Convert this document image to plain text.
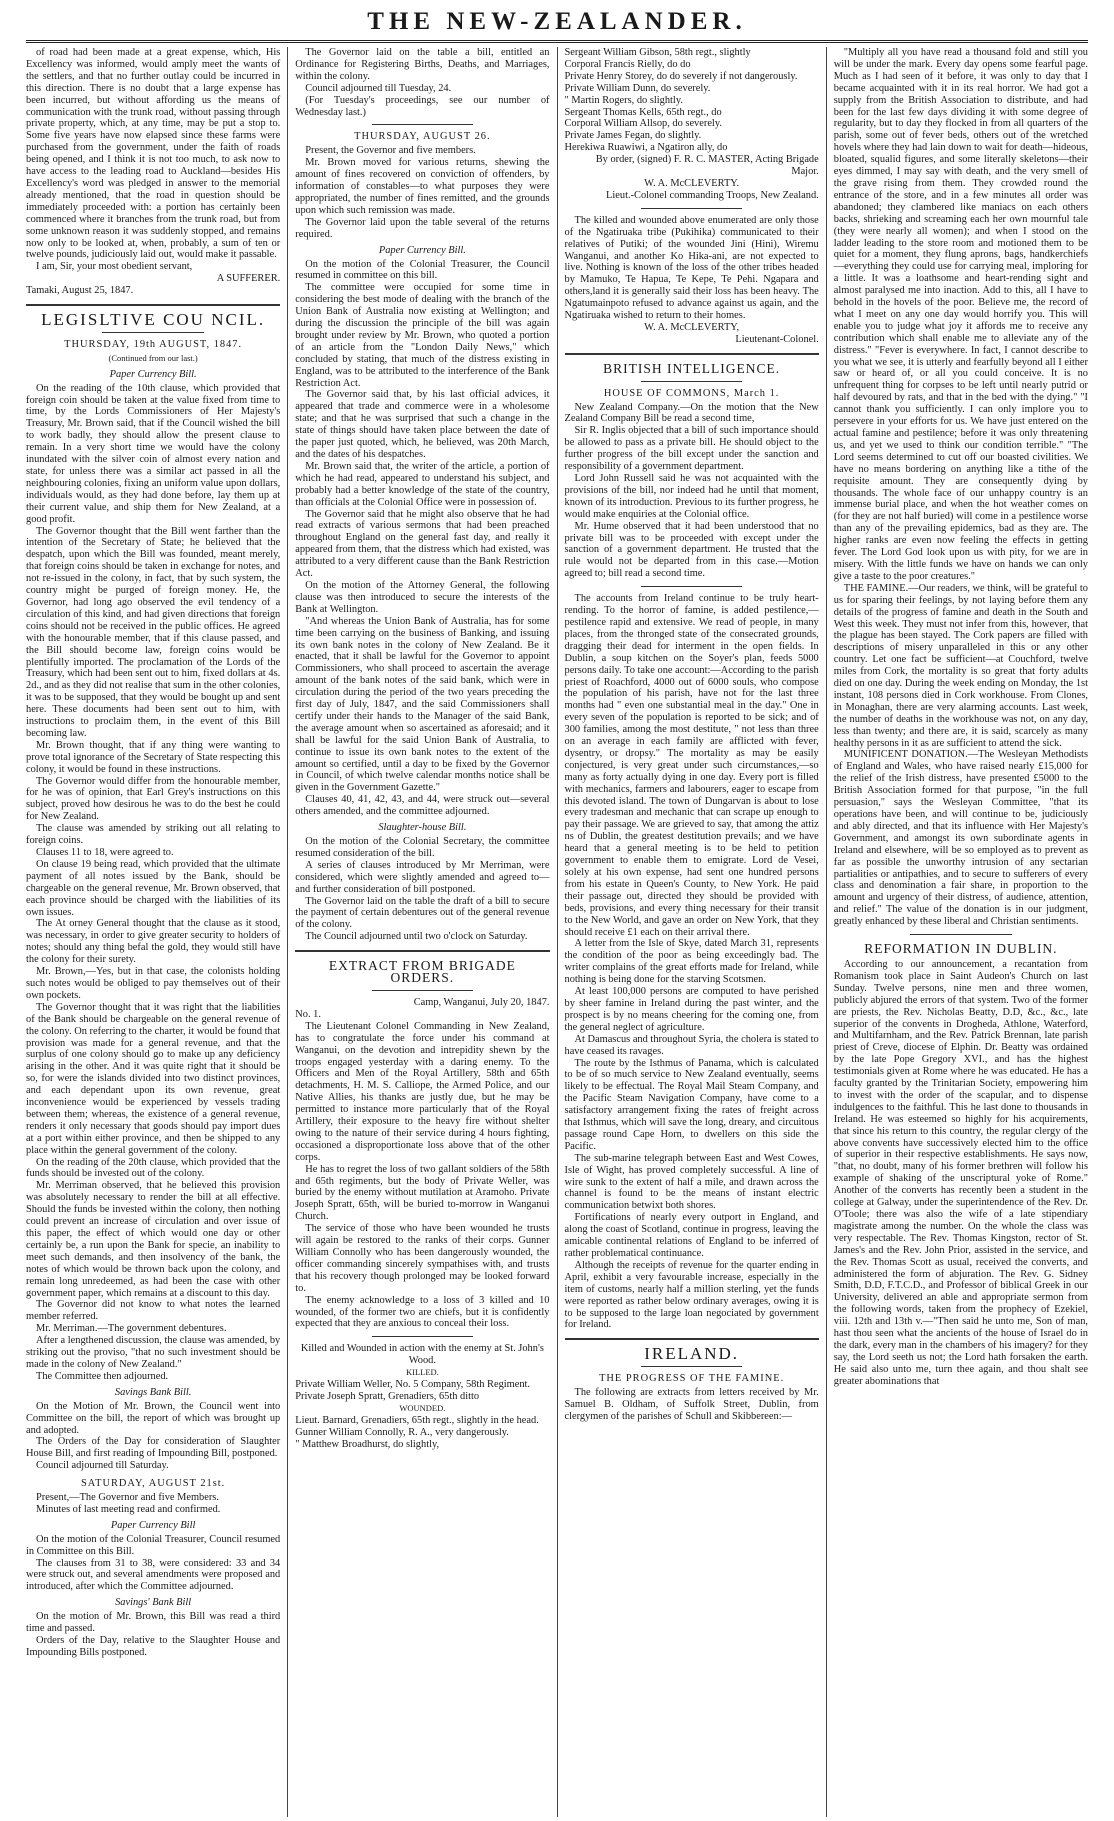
THE NEW-ZEALANDER.

of road had been made at a great expense, which, His Excellency was informed, would amply meet the wants of the settlers, and that no further outlay could be incurred in this direction. There is no doubt that a large expense has been incurred, but without affording us the means of communication with the trunk road, without passing through private property, which, at any time, may be put a stop to. Some five years have now elapsed since these farms were purchased from the government, under the faith of roads being opened, and I think it is not too much, to ask now to have access to the leading road to Auckland—besides His Excellency's word was pledged in answer to the memorial already mentioned, that the road in question should be immediately proceeded with: a portion has certainly been commenced where it branches from the trunk road, but from some unknown reason it was suddenly stopped, and remains now only to be looked at, when, probably, a sum of ten or twelve pounds, judiciously laid out, would make it passable.

I am, Sir, your most obedient servant,

A SUFFERER.

Tamaki, August 25, 1847.

LEGISLTIVE COU NCIL.
THURSDAY, 19th AUGUST, 1847.
(Continued from our last.)
Paper Currency Bill.

On the reading of the 10th clause, which provided that foreign coin should be taken at the value fixed from time to time, by the Lords Commissioners of Her Majesty's Treasury, Mr. Brown said, that if the Council wished the bill to work badly, they should allow the present clause to remain. In a very short time we would have the colony inundated with the silver coin of almost every nation and state, for unless there was a similar act passed in all the neighbouring colonies, fixing an uniform value upon dollars, individuals would, as they had done before, lay them up at their current value, and ship them for New Zealand, at a good profit.

The Governor thought that the Bill went farther than the intention of the Secretary of State; he believed that the despatch, upon which the Bill was founded, meant merely, that foreign coins should be taken in exchange for notes, and not re-issued in the colony, in fact, that by such system, the country might be purged of foreign money. He, the Governor, had long ago observed the evil tendency of a circulation of this kind, and had given directions that foreign coins should not be received in the public offices. He agreed with the honourable member, that if this clause passed, and the Bill should become law, foreign coins would be plentifully imported. The proclamation of the Lords of the Treasury, which had been sent out to him, fixed dollars at 4s. 2d., and as they did not realise that sum in the other colonies, it was to be supposed, that they would be bought up and sent here. These documents had been sent out to him, with instructions to proclaim them, in the event of this Bill becoming law.

Mr. Brown thought, that if any thing were wanting to prove total ignorance of the Secretary of State respecting this colony, it would be found in these instructions.

The Governor would differ from the honourable member, for he was of opinion, that Earl Grey's instructions on this subject, proved how desirous he was to do the best he could for New Zealand.

The clause was amended by striking out all relating to foreign coins.

Clauses 11 to 18, were agreed to.

On clause 19 being read, which provided that the ultimate payment of all notes issued by the Bank, should be chargeable on the general revenue, Mr. Brown observed, that each province should be charged with the liabilities of its own issues.

The At orney General thought that the clause as it stood, was necessary, in order to give greater security to holders of notes; should any thing befal the gold, they would still have the colony for their surety.

Mr. Brown,—Yes, but in that case, the colonists holding such notes would be obliged to pay themselves out of their own pockets.

The Governor thought that it was right that the liabilities of the Bank should be chargeable on the general revenue of the colony. On referring to the charter, it would be found that provision was made for a general revenue, and that the surplus of one colony should go to make up any deficiency arising in the other. And it was quite right that it should be so, for were the islands divided into two distinct provinces, and each dependant upon its own revenue, great inconvenience would be experienced by vessels trading between them; whereas, the existence of a general revenue, renders it only necessary that goods should pay import dues at a port within either province, and then be shipped to any place within the general government of the colony.

On the reading of the 20th clause, which provided that the funds should be invested out of the colony.

Mr. Merriman observed, that he believed this provision was absolutely necessary to render the bill at all effective. Should the funds be invested within the colony, then nothing could prevent an increase of circulation and over issue of this paper, the effect of which would one day or other certainly be, a run upon the Bank for specie, an inability to meet such demands, and then insolvency of the bank, the notes of which would be thrown back upon the colony, and remain long unredeemed, as had been the case with other government paper, which remains at a discount to this day.

The Governor did not know to what notes the learned member referred.

Mr. Merriman.—The government debentures.

After a lengthened discussion, the clause was amended, by striking out the proviso, "that no such investment should be made in the colony of New Zealand."

The Committee then adjourned.

Savings Bank Bill.

On the Motion of Mr. Brown, the Council went into Committee on the bill, the report of which was brought up and adopted.

The Orders of the Day for consideration of Slaughter House Bill, and first reading of Impounding Bill, postponed.

Council adjourned till Saturday.

SATURDAY, AUGUST 21st.

Present,—The Governor and five Members.

Minutes of last meeting read and confirmed.

Paper Currency Bill

On the motion of the Colonial Treasurer, Council resumed in Committee on this Bill.

The clauses from 31 to 38, were considered: 33 and 34 were struck out, and several amendments were proposed and introduced, after which the Committee adjourned.

Savings' Bank Bill

On the motion of Mr. Brown, this Bill was read a third time and passed.

Orders of the Day, relative to the Slaughter House and Impounding Bills postponed.

The Governor laid on the table a bill, entitled an Ordinance for Registering Births, Deaths, and Marriages, within the colony.

Council adjourned till Tuesday, 24.

(For Tuesday's proceedings, see our number of Wednesday last.)

THURSDAY, AUGUST 26.

Present, the Governor and five members.

Mr. Brown moved for various returns, shewing the amount of fines recovered on conviction of offenders, by information of constables—to what purposes they were appropriated, the number of fines remitted, and the grounds upon which such remission was made.

The Governor laid upon the table several of the returns required.

Paper Currency Bill.

On the motion of the Colonial Treasurer, the Council resumed in committee on this bill.

The committee were occupied for some time in considering the best mode of dealing with the branch of the Union Bank of Australia now existing at Wellington; and during the discussion the principle of the bill was again brought under review by Mr. Brown, who quoted a portion of an article from the "London Daily News," which concluded by stating, that much of the distress existing in England, was to be attributed to the interference of the Bank Restriction Act.

The Governor said that, by his last official advices, it appeared that trade and commerce were in a wholesome state; and that he was surprised that such a change in the state of things should have taken place between the date of the paper just quoted, which, he believed, was 20th March, and the dates of his despatches.

Mr. Brown said that, the writer of the article, a portion of which he had read, appeared to understand his subject, and probably had a better knowledge of the state of the country, than officials at the Colonial Office were in possession of.

The Governor said that he might also observe that he had read extracts of various sermons that had been preached throughout England on the general fast day, and really it appeared from them, that the distress which had existed, was attributed to a very different cause than the Bank Restriction Act.

On the motion of the Attorney General, the following clause was then introduced to secure the interests of the Bank at Wellington.

"And whereas the Union Bank of Australia, has for some time been carrying on the business of Banking, and issuing its own bank notes in the colony of New Zealand. Be it enacted, that it shall be lawful for the Governor to appoint Commissioners, who shall proceed to ascertain the average amount of the bank notes of the said bank, which were in circulation during the period of the two years preceding the first day of July, 1847, and the said Commissioners shall certify under their hands to the Manager of the said Bank, the average amount when so ascertained as aforesaid; and it shall be lawful for the said Union Bank of Australia, to continue to issue its own bank notes to the extent of the amount so certified, until a day to be fixed by the Governor in Council, of which twelve calendar months notice shall be given in the Government Gazette."

Clauses 40, 41, 42, 43, and 44, were struck out—several others amended, and the committee adjourned.

Slaughter-house Bill.

On the motion of the Colonial Secretary, the committee resumed consideration of the bill.

A series of clauses introduced by Mr Merriman, were considered, which were slightly amended and agreed to—and further consideration of bill postponed.

The Governor laid on the table the draft of a bill to secure the payment of certain debentures out of the general revenue of the colony.

The Council adjourned until two o'clock on Saturday.

EXTRACT FROM BRIGADE ORDERS.

Camp, Wanganui, July 20, 1847.

No. 1.

The Lieutenant Colonel Commanding in New Zealand, has to congratulate the force under his command at Wanganui, on the devotion and intrepidity shewn by the troops engaged yesterday with a daring enemy. To the Officers and Men of the Royal Artillery, 58th and 65th detachments, H. M. S. Calliope, the Armed Police, and our Native Allies, his thanks are justly due, but he may be permitted to instance more particularly that of the Royal Artillery, their exposure to the heavy fire without shelter owing to the nature of their service during 4 hours fighting, occasioned a disproportionate loss above that of the other corps.

He has to regret the loss of two gallant soldiers of the 58th and 65th regiments, but the body of Private Weller, was buried by the enemy without mutilation at Aramoho. Private Joseph Spratt, 65th, will be buried to-morrow in Wanganui Church.

The service of those who have been wounded he trusts will again be restored to the ranks of their corps. Gunner William Connolly who has been dangerously wounded, the officer commanding sincerely sympathises with, and trusts that his recovery though prolonged may be looked forward to.

The enemy acknowledge to a loss of 3 killed and 10 wounded, of the former two are chiefs, but it is confidently expected that they are anxious to conceal their loss.

Killed and Wounded in action with the enemy at St. John's Wood.

KILLED.

Private William Weller, No. 5 Company, 58th Regiment.

Private Joseph Spratt, Grenadiers, 65th ditto

WOUNDED.

Lieut. Barnard, Grenadiers, 65th regt., slightly in the head.

Gunner William Connolly, R. A., very dangerously.

" Matthew Broadhurst, do slightly,

Sergeant William Gibson, 58th regt., slightly

Corporal Francis Rielly, do do

Private Henry Storey, do do severely if not dangerously.

Private William Dunn, do severely.

" Martin Rogers, do slightly.

Sergeant Thomas Kells, 65th regt., do

Corporal William Allsop, do severely.

Private James Fegan, do slightly.

Herekiwa Ruawiwi, a Ngatiron ally, do

By order, (signed) F. R. C. MASTER, Acting Brigade Major.

W. A. McCLEVERTY.

Lieut.-Colonel commanding Troops, New Zealand.

The killed and wounded above enumerated are only those of the Ngatiruaka tribe (Pukihika) communicated to their relatives of Putiki; of the wounded Jini (Hini), Wiremu Wanganui, and another Ko Hika-ani, are not expected to live. Nothing is known of the loss of the other tribes headed by Mamuko, Te Hapua, Te Kepe, Te Pehi. Ngapara and others,land it is generally said their loss has been heavy. The Ngatumainpoto refused to advance against us again, and the Ngatiruaka wished to return to their homes.

W. A. McCLEVERTY,

Lieutenant-Colonel.

BRITISH INTELLIGENCE.
HOUSE OF COMMONS, March 1.

New Zealand Company.—On the motion that the New Zealand Company Bill be read a second time,

Sir R. Inglis objected that a bill of such importance should be allowed to pass as a private bill. He should object to the further progress of the bill except under the sanction and responsibility of a government department.

Lord John Russell said he was not acquainted with the provisions of the bill, nor indeed had he until that moment, known of its introduction. Previous to its further progress, he would make enquiries at the Colonial office.

Mr. Hume observed that it had been understood that no private bill was to be proceeded with except under the sanction of a government department. He trusted that the rule would not be departed from in this case.—Motion agreed to; bill read a second time.

The accounts from Ireland continue to be truly heart-rending. To the horror of famine, is added pestilence,—pestilence rapid and extensive. We read of people, in many places, from the thronged state of the consecrated grounds, dragging their dead for interment in the open fields. In Dublin, a soup kitchen on the Soyer's plan, feeds 5000 persons daily. To take one account:—According to the parish priest of Roachford, 4000 out of 6000 souls, who compose the population of his parish, have not for the last three months had " even one substantial meal in the day." One in every seven of the population is reported to be sick; and of 300 families, among the most destitute, " not less than three on an average in each family are afflicted with fever, dysentry, or dropsy." The mortality as may be easily conjectured, is very great under such circumstances,—so many as forty actually dying in one day. Every port is filled with mechanics, farmers and labourers, eager to escape from this devoted island. The town of Dungarvan is about to lose every tradesman and mechanic that can scrape up enough to pay their passage. We are grieved to say, that among the attiz ns of Dublin, the greatest destitution prevails; and we have heard that a general meeting is to be held to petition government to enable them to emigrate. Lord de Vesei, solely at his own expense, had sent one hundred persons from his estate in Queen's County, to New York. He paid their passage out, directed they should be provided with beds, provisions, and every thing necessary for their transit to the New World, and gave an order on New York, that they should receive £1 each on their arrival there.

A letter from the Isle of Skye, dated March 31, represents the condition of the poor as being exceedingly bad. The writer complains of the great efforts made for Ireland, while nothing is being done for the starving Scotsmen.

At least 100,000 persons are computed to have perished by sheer famine in Ireland during the past winter, and the prospect is by no means cheering for the coming one, from the general neglect of agriculture.

At Damascus and throughout Syria, the cholera is stated to have ceased its ravages.

The route by the Isthmus of Panama, which is calculated to be of so much service to New Zealand eventually, seems likely to be effectual. The Royal Mail Steam Company, and the Pacific Steam Navigation Company, have come to a satisfactory arrangement fixing the rates of freight across that Isthmus, which will save the long, dreary, and circuitous passage round Cape Horn, to dwellers on this side the Pacific.

The sub-marine telegraph between East and West Cowes, Isle of Wight, has proved completely successful. A line of wire sunk to the extent of half a mile, and drawn across the channel is found to be the means of instant electric communication betwixt both shores.

Fortifications of nearly every outport in England, and along the coast of Scotland, continue in progress, leaving the amicable continental relations of England to be inferred of rather problematical continuance.

Although the receipts of revenue for the quarter ending in April, exhibit a very favourable increase, especially in the item of customs, nearly half a million sterling, yet the funds were reported as rather below ordinary averages, owing it is to be supposed to the large loan negociated by government for Ireland.

IRELAND.
THE PROGRESS OF THE FAMINE.

The following are extracts from letters received by Mr. Samuel B. Oldham, of Suffolk Street, Dublin, from clergymen of the parishes of Schull and Skibbereen:—

"Multiply all you have read a thousand fold and still you will be under the mark. Every day opens some fearful page. Much as I had seen of it before, it was only to day that I became acquainted with it in its real horror. We had got a supply from the British Association to distribute, and had been for the last few days dividing it with some degree of regularity, but to day they flocked in from all quarters of the parish, some out of fever beds, others out of the wretched hovels where they had lain down to wait for death—hideous, bloated, squalid figures, and some literally skeletons—their eyes dimmed, I may say with death, and the very smell of the grave rising from them. They crowded round the entrance of the store, and in a few minutes all order was abandoned; they clambered like maniacs on each others backs, shrieking and screaming each her own mournful tale (they were nearly all women); and when I stood on the ladder leading to the store room and motioned them to be quiet for a moment, they flung aprons, bags, handkerchiefs—everything they could use for carrying meal, imploring for a little. It was a loathsome and heart-rending sight and almost paralysed me into inaction. Add to this, all I have to behold in the hovels of the poor. Believe me, the record of what I meet on any one day would horrify you. This will enable you to judge what joy it affords me to receive any contribution which shall enable me to alleviate any of the distress." "Fever is everywhere. In fact, I cannot describe to you what we see, it is utterly and fearfully beyond all I either saw or heard of, or all you could conceive. It is no unfrequent thing for corpses to be left until nearly putrid or half devoured by rats, and that in the bed with the dying." "I cannot thank you sufficiently. I can only implore you to persevere in your efforts for us. We have just entered on the actual famine and pestilence; before it was only threatening us, and yet we used to think our condition terrible." "The Lord seems determined to cut off our boasted civilities. We have no means bordering on anything like a tithe of the requisite amount. They are consequently dying by thousands. The whole face of our unhappy country is an immense burial place, and when the hot weather comes on (for they are not half buried) will come in a pestilence worse than any of the prevailing epidemics, bad as they are. The higher ranks are even now feeling the effects in getting fever. The Lord God look upon us with pity, for we are in misery. With the little funds we have on hands we can only give a taste to the poor creatures."

THE FAMINE.—Our readers, we think, will be grateful to us for sparing their feelings, by not laying before them any details of the progress of famine and death in the South and West this week. They must not infer from this, however, that the plague has been stayed. The Cork papers are filled with descriptions of misery unparalleled in this or any other country. Let one fact be sufficient—at Couchford, twelve miles from Cork, the mortality is so great that forty adults died on one day. During the week ending on Monday, the 1st instant, 108 persons died in Cork workhouse. From Clones, in Monaghan, there are very alarming accounts. Last week, the number of deaths in the workhouse was not, on any day, less than twenty; and there are, it is said, scarcely as many healthy persons in it as are sufficient to attend the sick.

MUNIFICENT DONATION.—The Wesleyan Methodists of England and Wales, who have raised nearly £15,000 for the relief of the Irish distress, have presented £5000 to the British Association formed for that purpose, "in the full persuasion," says the Wesleyan Committee, "that its operations have been, and will continue to be, judiciously and ably directed, and that its influence with Her Majesty's Government, and amongst its own subordinate agents in Ireland and elsewhere, will be so employed as to prevent as far as possible the unworthy intrusion of any sectarian partialities or antipathies, and to secure to sufferers of every class and denomination a fair share, in proportion to the amount and urgency of their distress, of audience, attention, and relief." The value of the donation is in our judgment, greatly enhanced by these liberal and Christian sentiments.

REFORMATION IN DUBLIN.

According to our announcement, a recantation from Romanism took place in Saint Audeon's Church on last Sunday. Twelve persons, nine men and three women, publicly abjured the errors of that system. Two of the former are priests, the Rev. Nicholas Beatty, D.D, &c., &c., late superior of the convents in Drogheda, Athlone, Waterford, and Multifarnham, and the Rev. Patrick Brennan, late parish priest of Creve, diocese of Elphin. Dr. Beatty was ordained by the late Pope Gregory XVI., and has the highest testimonials given at Rome where he was educated. He has a faculty granted by the Trinitarian Society, empowering him to invest with the order of the scapular, and to dispense indulgences to the faithful. This he last done to thousands in Ireland. He was esteemed so highly for his acquirements, that since his return to this country, the regular clergy of the above convents have successively elected him to the office of superior in their respective establishments. He says now, "that, no doubt, many of his former brethren will follow his example of shaking of the unscriptural yoke of Rome." Another of the converts has recently been a student in the college at Galway, under the superintendence of the Rev. Dr. O'Toole; there was also the wife of a late stipendiary magistrate among the number. On the whole the class was very respectable. The Rev. Thomas Kingston, rector of St. James's and the Rev. John Prior, assisted in the service, and the Rev. Thomas Scott as usual, received the converts, and administered the form of abjuration. The Rev. G. Sidney Smith, D.D, F.T.C.D., and Professor of biblical Greek in our University, delivered an able and appropriate sermon from the following words, taken from the prophecy of Ezekiel, viii. 12th and 13th v.—"Then said he unto me, Son of man, hast thou seen what the ancients of the house of Israel do in the dark, every man in the chambers of his imagery? for they say, the Lord seeth us not; the Lord hath forsaken the earth. He said also unto me, turn thee again, and thou shalt see greater abominations that
